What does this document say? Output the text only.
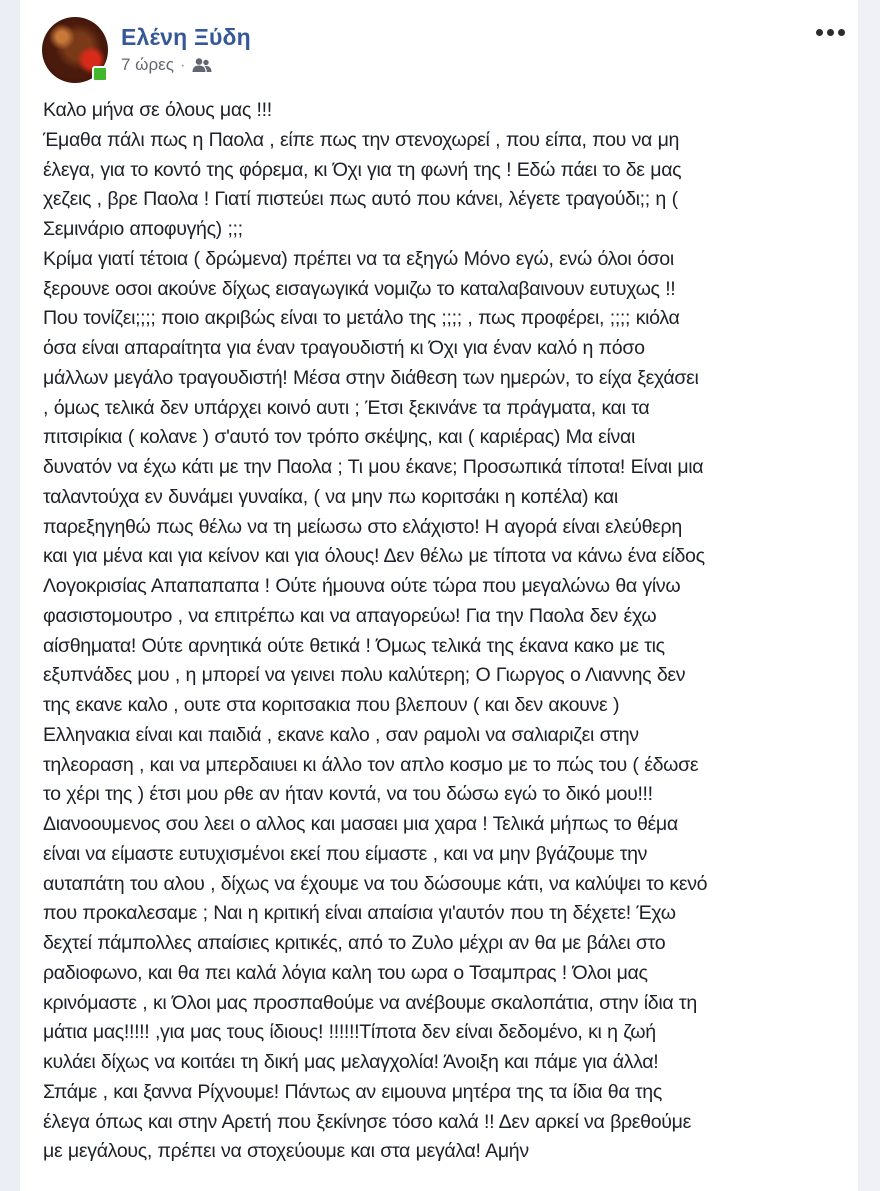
Ελένη Ξύδη
7 ώρες ·
Καλο μήνα σε όλους μας !!!
Έμαθα πάλι πως η Παολα , είπε πως την στενοχωρεί , που είπα, που να μη
έλεγα, για το κοντό της φόρεμα, κι Όχι για τη φωνή της ! Εδώ πάει το δε μας
χεζεις , βρε Παολα ! Γιατί πιστεύει πως αυτό που κάνει, λέγετε τραγούδι;; η (
Σεμινάριο αποφυγής) ;;;
Κρίμα γιατί τέτοια ( δρώμενα) πρέπει να τα εξηγώ Μόνο εγώ, ενώ όλοι όσοι
ξερουνε οσοι ακούνε δίχως εισαγωγικά νομιζω το καταλαβαινουν ευτυχως !!
Που τονίζει;;;; ποιο ακριβώς είναι το μετάλο της ;;;; , πως προφέρει, ;;;; κιόλα
όσα είναι απαραίτητα για έναν τραγουδιστή κι Όχι για έναν καλό η πόσο
μάλλων μεγάλο τραγουδιστή! Μέσα στην διάθεση των ημερών, το είχα ξεχάσει
, όμως τελικά δεν υπάρχει κοινό αυτι ; Έτσι ξεκινάνε τα πράγματα, και τα
πιτσιρίκια ( κολανε ) σ'αυτό τον τρόπο σκέψης, και ( καριέρας) Μα είναι
δυνατόν να έχω κάτι με την Παολα ; Τι μου έκανε; Προσωπικά τίποτα! Είναι μια
ταλαντούχα εν δυνάμει γυναίκα, ( να μην πω κοριτσάκι η κοπέλα) και
παρεξηγηθώ πως θέλω να τη μείωσω στο ελάχιστο! Η αγορά είναι ελεύθερη
και για μένα και για κείνον και για όλους! Δεν θέλω με τίποτα να κάνω ένα είδος
Λογοκρισίας Απαπαπαπα ! Ούτε ήμουνα ούτε τώρα που μεγαλώνω θα γίνω
φασιστομουτρο , να επιτρέπω και να απαγορεύω! Για την Παολα δεν έχω
αίσθηματα! Ούτε αρνητικά ούτε θετικά ! Όμως τελικά της έκανα κακο με τις
εξυπνάδες μου , η μπορεί να γεινει πολυ καλύτερη; Ο Γιωργος ο Λιαννης δεν
της εκανε καλο , ουτε στα κοριτσακια που βλεπουν ( και δεν ακουνε )
Ελληνακια είναι και παιδιά , εκανε καλο , σαν ραμολι να σαλιαριζει στην
τηλεοραση , και να μπερδαιυει κι άλλο τον απλο κοσμο με το πώς του ( έδωσε
το χέρι της ) έτσι μου ρθε αν ήταν κοντά, να του δώσω εγώ το δικό μου!!!
Διανοουμενος σου λεει ο αλλος και μασαει μια χαρα ! Τελικά μήπως το θέμα
είναι να είμαστε ευτυχισμένοι εκεί που είμαστε , και να μην βγάζουμε την
αυταπάτη του αλου , δίχως να έχουμε να του δώσουμε κάτι, να καλύψει το κενό
που προκαλεσαμε ; Ναι η κριτική είναι απαίσια γι'αυτόν που τη δέχετε! Έχω
δεχτεί πάμπολλες απαίσιες κριτικές, από το Ζυλο μέχρι αν θα με βάλει στο
ραδιοφωνο, και θα πει καλά λόγια καλη του ωρα ο Τσαμπρας ! Όλοι μας
κρινόμαστε , κι Όλοι μας προσπαθούμε να ανέβουμε σκαλοπάτια, στην ίδια τη
μάτια μας!!!!! ,για μας τους ίδιους! !!!!!!Τίποτα δεν είναι δεδομένο, κι η ζωή
κυλάει δίχως να κοιτάει τη δική μας μελαγχολία! Άνοιξη και πάμε για άλλα!
Σπάμε , και ξαννα Ρίχνουμε! Πάντως αν ειμουνα μητέρα της τα ίδια θα της
έλεγα όπως και στην Αρετή που ξεκίνησε τόσο καλά !! Δεν αρκεί να βρεθούμε
με μεγάλους, πρέπει να στοχεύουμε και στα μεγάλα! Αμήν
